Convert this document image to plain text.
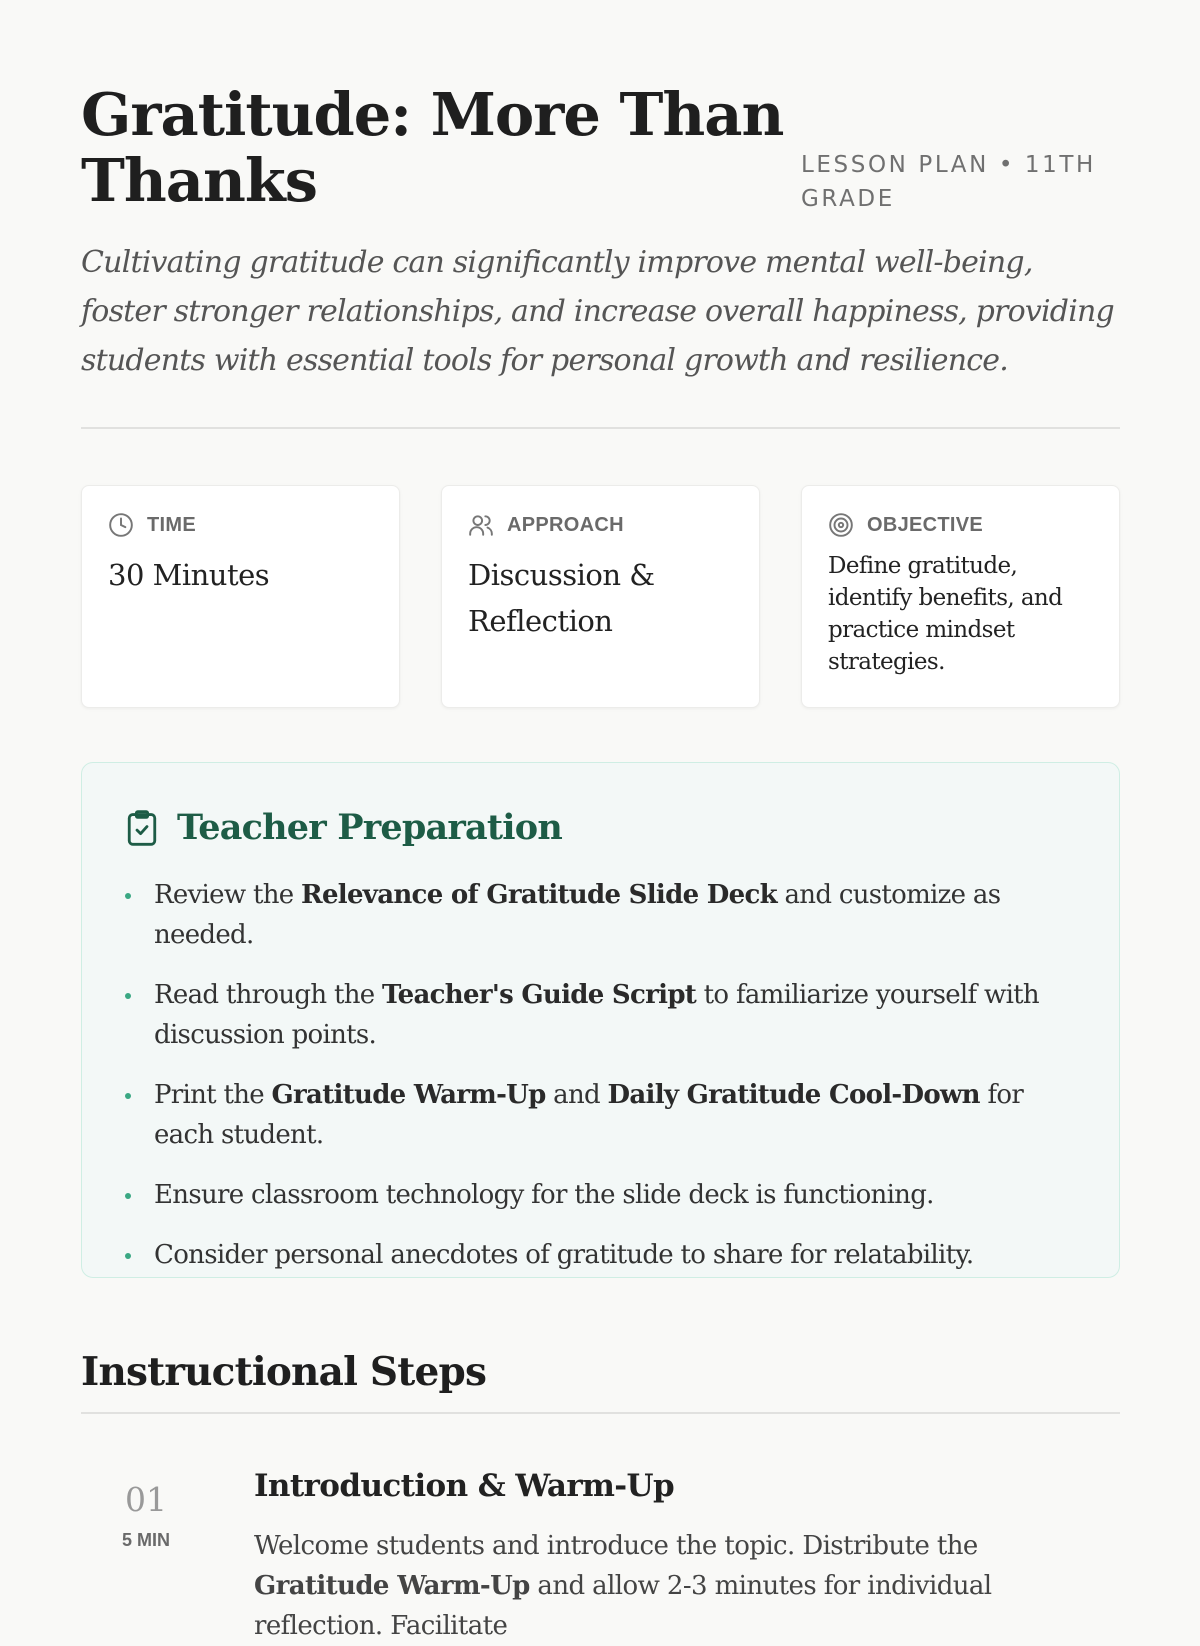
Gratitude: More Than Thanks	LESSON PLAN • 11TH GRADE

Cultivating gratitude can significantly improve mental well-being, foster stronger relationships, and increase overall happiness, providing students with essential tools for personal growth and resilience.

TIME
30 Minutes
APPROACH
Discussion & Reflection
OBJECTIVE
Define gratitude, identify benefits, and practice mindset strategies.
Teacher Preparation
Review the Relevance of Gratitude Slide Deck and customize as needed.
Read through the Teacher's Guide Script to familiarize yourself with discussion points.
Print the Gratitude Warm-Up and Daily Gratitude Cool-Down for each student.
Ensure classroom technology for the slide deck is functioning.
Consider personal anecdotes of gratitude to share for relatability.
Instructional Steps
01
5 MIN
Introduction & Warm-Up

Welcome students and introduce the topic. Distribute the Gratitude Warm-Up and allow 2-3 minutes for individual reflection. Facilitate
